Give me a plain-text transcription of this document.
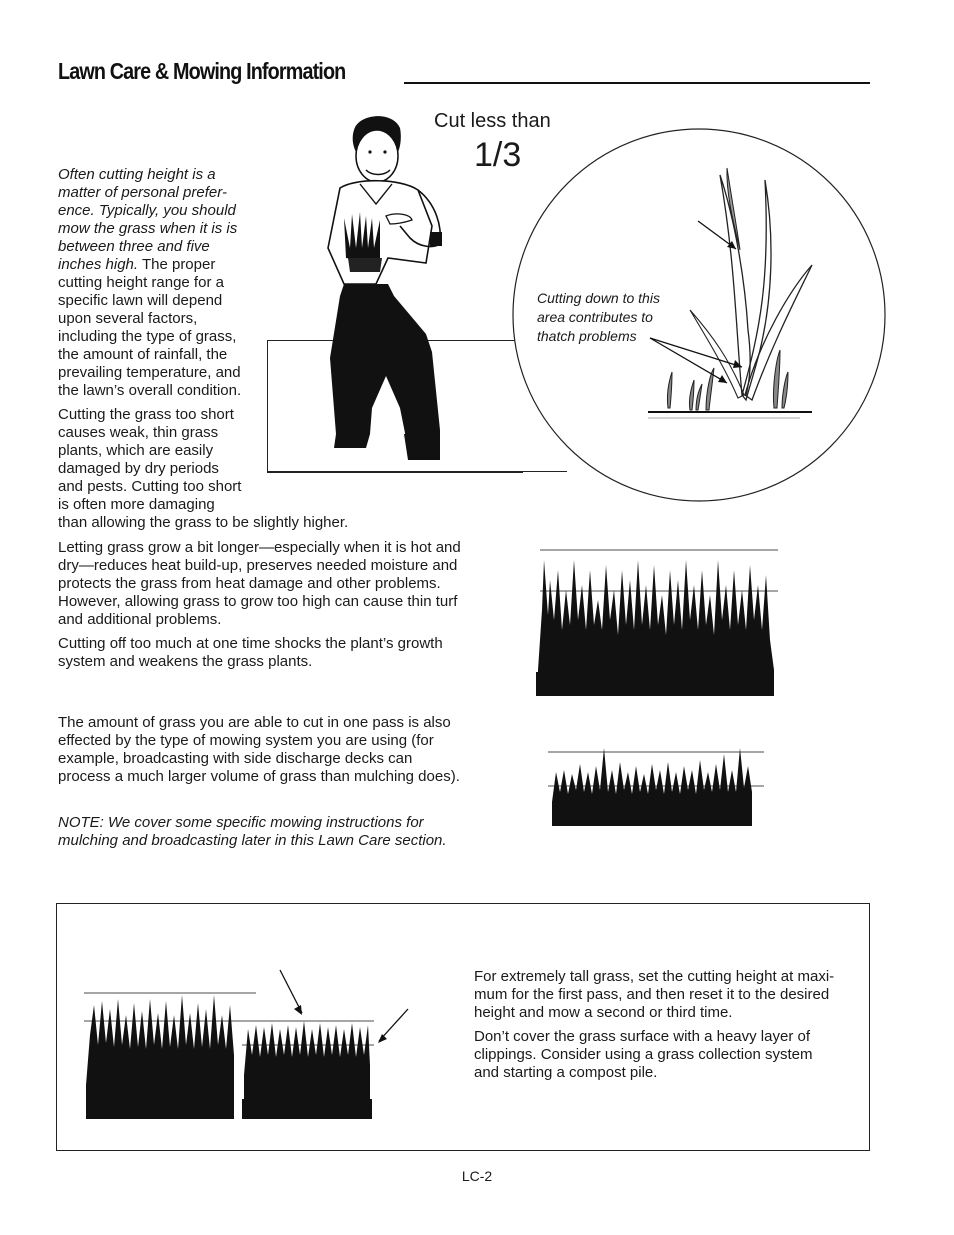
Lawn Care & Mowing Information
Cut less than
1/3
Cutting down to this
area contributes to
thatch problems
Often cutting height is a
matter of personal prefer-
ence. Typically, you should
mow the grass when it is is
between three and five
inches high. The proper
cutting height range for a
specific lawn will depend
upon several factors,
including the type of grass,
the amount of rainfall, the
prevailing temperature, and
the lawn’s overall condition.
Cutting the grass too short
causes weak, thin grass
plants, which are easily
damaged by dry periods
and pests. Cutting too short
is often more damaging
than allowing the grass to be slightly higher.
Letting grass grow a bit longer—especially when it is hot and
dry—reduces heat build-up, preserves needed moisture and
protects the grass from heat damage and other problems.
However, allowing grass to grow too high can cause thin turf
and additional problems.
Cutting off too much at one time shocks the plant’s growth
system and weakens the grass plants.
The amount of grass you are able to cut in one pass is also
effected by the type of mowing system you are using (for
example, broadcasting with side discharge decks can
process a much larger volume of grass than mulching does).
NOTE: We cover some specific mowing instructions for
mulching and broadcasting later in this Lawn Care section.
For extremely tall grass, set the cutting height at maxi-
mum for the first pass, and then reset it to the desired
height and mow a second or third time.
Don’t cover the grass surface with a heavy layer of
clippings. Consider using a grass collection system
and starting a compost pile.
LC-2
